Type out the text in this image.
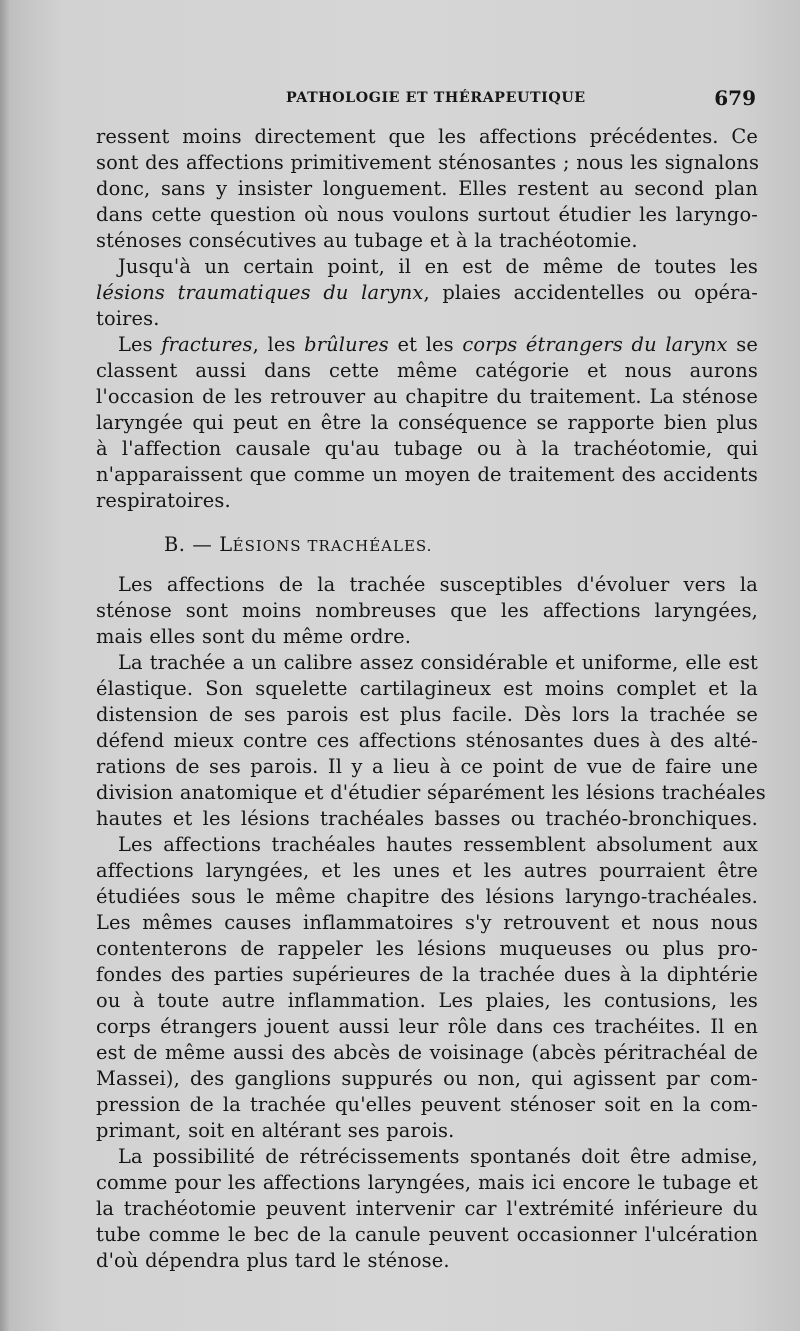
PATHOLOGIE ET THÉRAPEUTIQUE	679
ressent moins directement que les affections précédentes. Ce
sont des affections primitivement sténosantes ; nous les signalons
donc, sans y insister longuement. Elles restent au second plan
dans cette question où nous voulons surtout étudier les laryngo-
sténoses consécutives au tubage et à la trachéotomie.
Jusqu'à un certain point, il en est de même de toutes les
lésions traumatiques du larynx, plaies accidentelles ou opéra-
toires.
Les fractures, les brûlures et les corps étrangers du larynx se
classent aussi dans cette même catégorie et nous aurons
l'occasion de les retrouver au chapitre du traitement. La sténose
laryngée qui peut en être la conséquence se rapporte bien plus
à l'affection causale qu'au tubage ou à la trachéotomie, qui
n'apparaissent que comme un moyen de traitement des accidents
respiratoires.
B. — LÉSIONS TRACHÉALES.
Les affections de la trachée susceptibles d'évoluer vers la
sténose sont moins nombreuses que les affections laryngées,
mais elles sont du même ordre.
La trachée a un calibre assez considérable et uniforme, elle est
élastique. Son squelette cartilagineux est moins complet et la
distension de ses parois est plus facile. Dès lors la trachée se
défend mieux contre ces affections sténosantes dues à des alté-
rations de ses parois. Il y a lieu à ce point de vue de faire une
division anatomique et d'étudier séparément les lésions trachéales
hautes et les lésions trachéales basses ou trachéo-bronchiques.
Les affections trachéales hautes ressemblent absolument aux
affections laryngées, et les unes et les autres pourraient être
étudiées sous le même chapitre des lésions laryngo-trachéales.
Les mêmes causes inflammatoires s'y retrouvent et nous nous
contenterons de rappeler les lésions muqueuses ou plus pro-
fondes des parties supérieures de la trachée dues à la diphtérie
ou à toute autre inflammation. Les plaies, les contusions, les
corps étrangers jouent aussi leur rôle dans ces trachéites. Il en
est de même aussi des abcès de voisinage (abcès péritrachéal de
Massei), des ganglions suppurés ou non, qui agissent par com-
pression de la trachée qu'elles peuvent sténoser soit en la com-
primant, soit en altérant ses parois.
La possibilité de rétrécissements spontanés doit être admise,
comme pour les affections laryngées, mais ici encore le tubage et
la trachéotomie peuvent intervenir car l'extrémité inférieure du
tube comme le bec de la canule peuvent occasionner l'ulcération
d'où dépendra plus tard le sténose.
